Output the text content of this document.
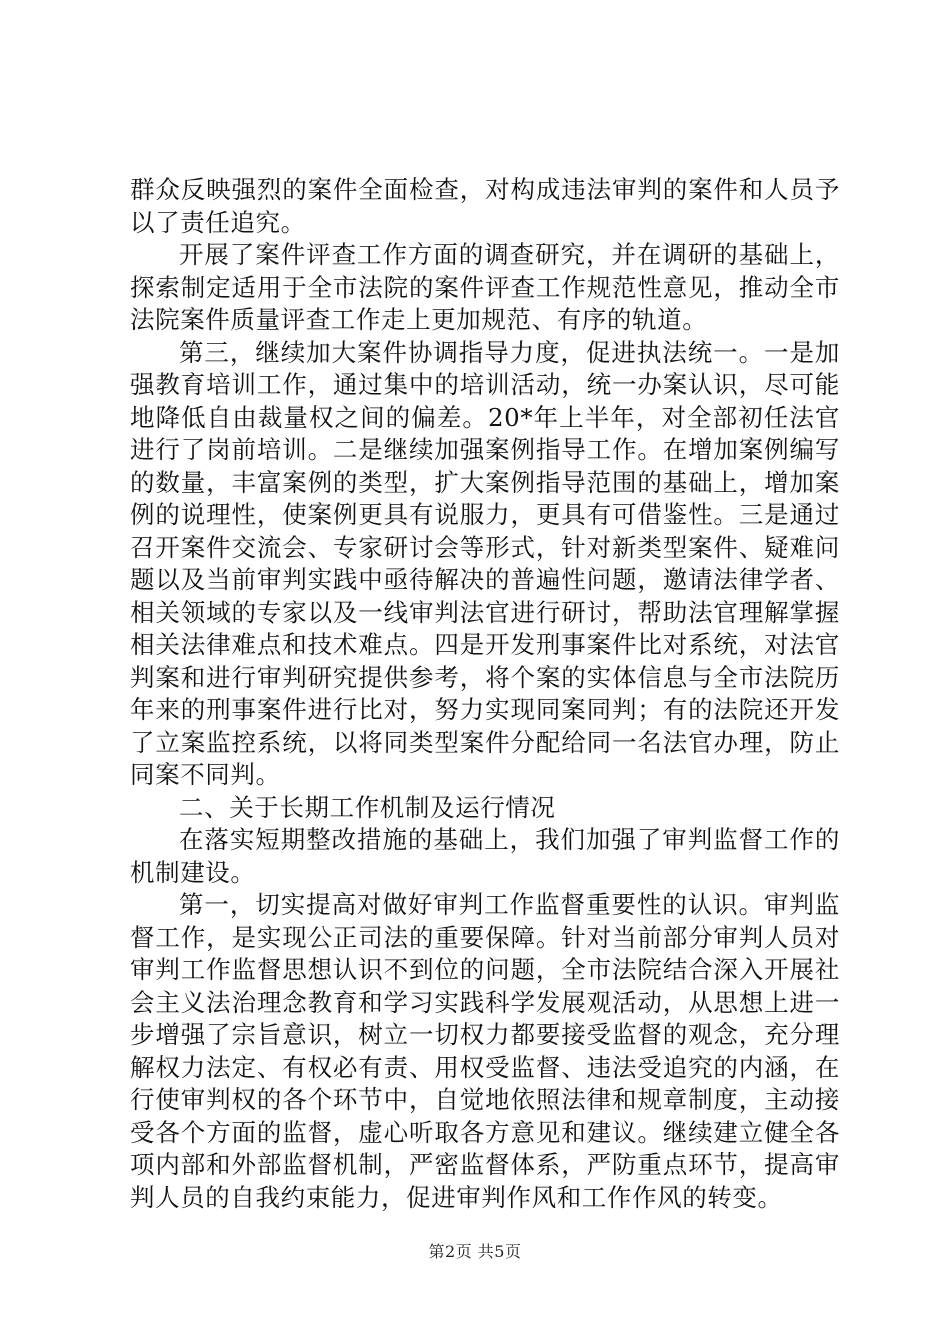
群众反映强烈的案件全面检查，对构成违法审判的案件和人员予以了责任追究。

开展了案件评查工作方面的调查研究，并在调研的基础上，探索制定适用于全市法院的案件评查工作规范性意见，推动全市法院案件质量评查工作走上更加规范、有序的轨道。

第三，继续加大案件协调指导力度，促进执法统一。一是加强教育培训工作，通过集中的培训活动，统一办案认识，尽可能地降低自由裁量权之间的偏差。20*年上半年，对全部初任法官进行了岗前培训。二是继续加强案例指导工作。在增加案例编写的数量，丰富案例的类型，扩大案例指导范围的基础上，增加案例的说理性，使案例更具有说服力，更具有可借鉴性。三是通过召开案件交流会、专家研讨会等形式，针对新类型案件、疑难问题以及当前审判实践中亟待解决的普遍性问题，邀请法律学者、相关领域的专家以及一线审判法官进行研讨，帮助法官理解掌握相关法律难点和技术难点。四是开发刑事案件比对系统，对法官判案和进行审判研究提供参考，将个案的实体信息与全市法院历年来的刑事案件进行比对，努力实现同案同判；有的法院还开发了立案监控系统，以将同类型案件分配给同一名法官办理，防止同案不同判。

二、关于长期工作机制及运行情况

在落实短期整改措施的基础上，我们加强了审判监督工作的机制建设。

第一，切实提高对做好审判工作监督重要性的认识。审判监督工作，是实现公正司法的重要保障。针对当前部分审判人员对审判工作监督思想认识不到位的问题，全市法院结合深入开展社会主义法治理念教育和学习实践科学发展观活动，从思想上进一步增强了宗旨意识，树立一切权力都要接受监督的观念，充分理解权力法定、有权必有责、用权受监督、违法受追究的内涵，在行使审判权的各个环节中，自觉地依照法律和规章制度，主动接受各个方面的监督，虚心听取各方意见和建议。继续建立健全各项内部和外部监督机制，严密监督体系，严防重点环节，提高审判人员的自我约束能力，促进审判作风和工作作风的转变。

第2页 共5页
